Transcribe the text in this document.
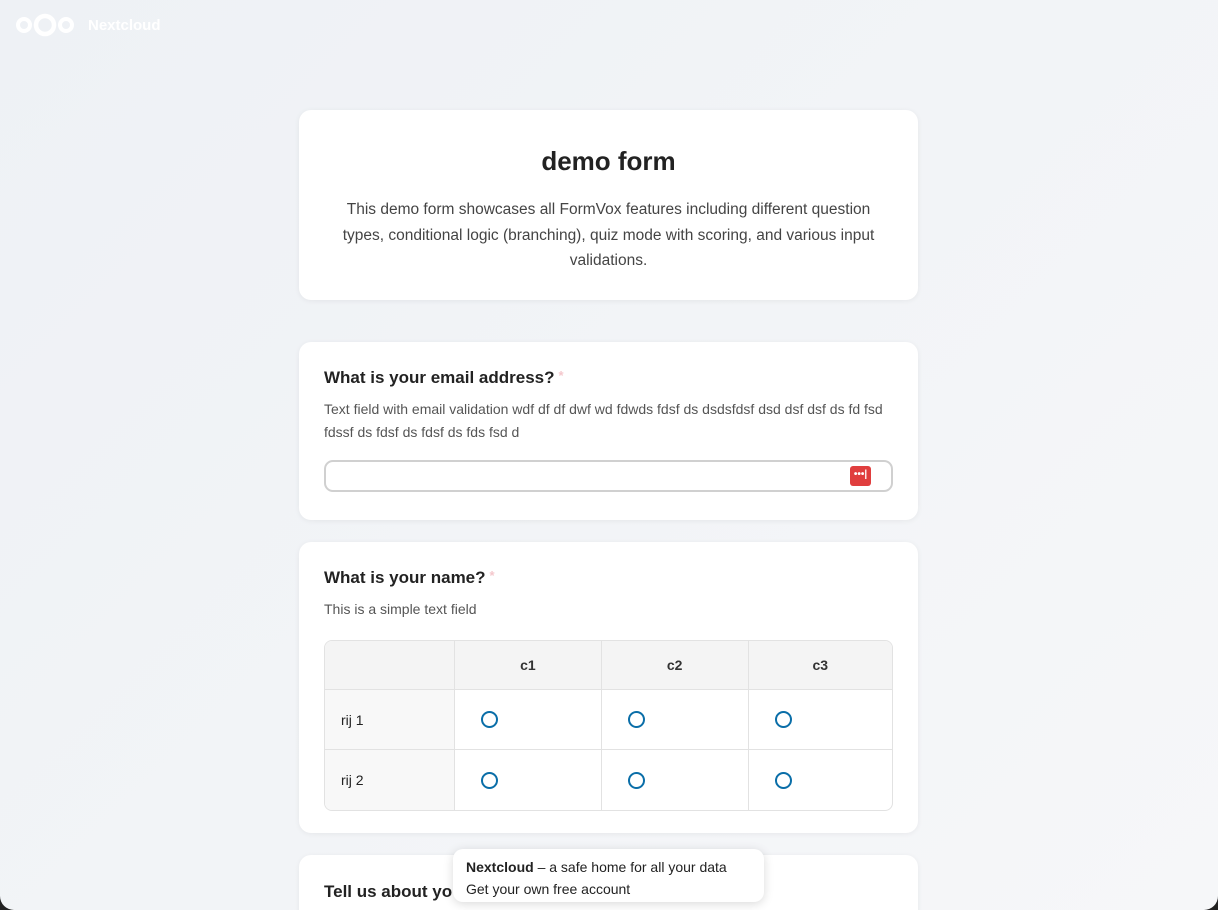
Nextcloud
demo form

This demo form showcases all FormVox features including different question types, conditional logic (branching), quiz mode with scoring, and various input validations.

What is your email address? *
Text field with email validation wdf df df dwf wd fdwds fdsf ds dsdsfdsf dsd dsf dsf ds fd fsd fdssf ds fdsf ds fdsf ds fds fsd d
•••|
What is your name? *
This is a simple text field
	c1	c2	c3
rij 1			
rij 2			
Tell us about yo
Nextcloud – a safe home for all your data
Get your own free account
